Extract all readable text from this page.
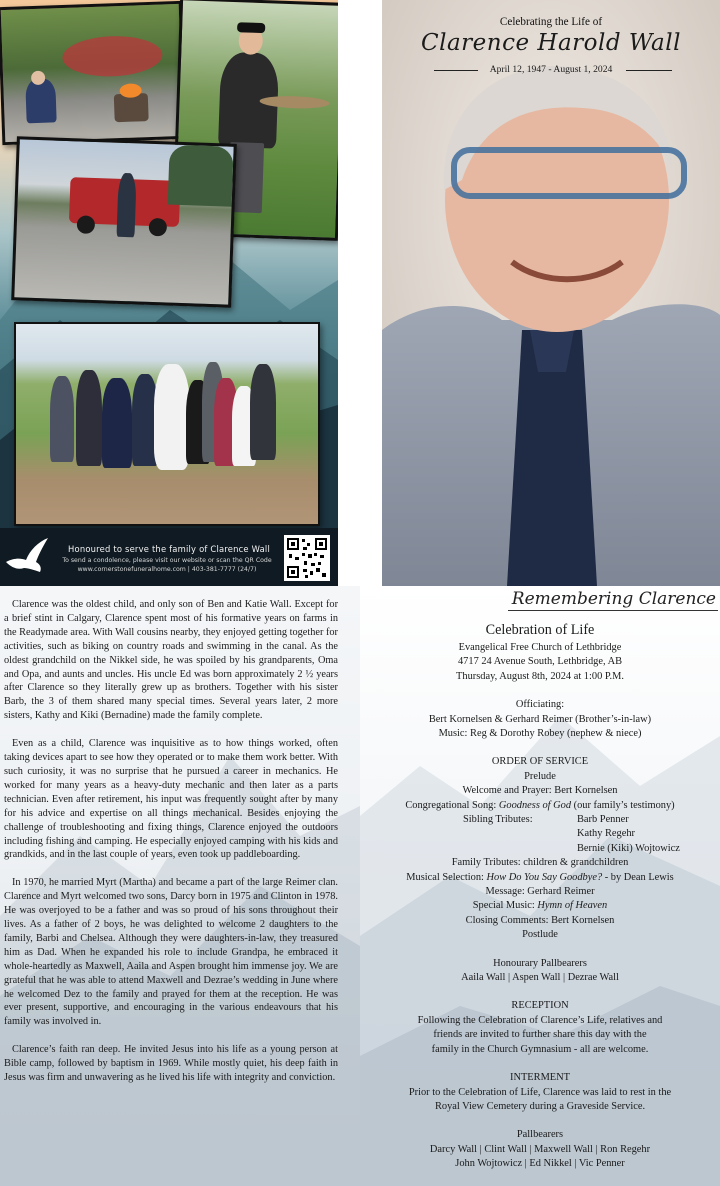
Honoured to serve the family of Clarence Wall
To send a condolence, please visit our website or scan the QR Code
www.cornerstonefuneralhome.com | 403-381-7777 (24/7)
Celebrating the Life of
Clarence Harold Wall
April 12, 1947 - August 1, 2024

Clarence was the oldest child, and only son of Ben and Katie Wall. Except for a brief stint in Calgary, Clarence spent most of his formative years on farms in the Readymade area. With Wall cousins nearby, they enjoyed getting together for activities, such as biking on country roads and swimming in the canal. As the oldest grandchild on the Nikkel side, he was spoiled by his grandparents, Oma and Opa, and aunts and uncles. His uncle Ed was born approximately 2 ½ years after Clarence so they literally grew up as brothers. Together with his sister Barb, the 3 of them shared many special times. Several years later, 2 more sisters, Kathy and Kiki (Bernadine) made the family complete.

Even as a child, Clarence was inquisitive as to how things worked, often taking devices apart to see how they operated or to make them work better. With such curiosity, it was no surprise that he pursued a career in mechanics. He worked for many years as a heavy-duty mechanic and then later as a parts technician. Even after retirement, his input was frequently sought after by many for his advice and expertise on all things mechanical. Besides enjoying the challenge of troubleshooting and fixing things, Clarence enjoyed the outdoors including fishing and camping. He especially enjoyed camping with his kids and grandkids, and in the last couple of years, even took up paddleboarding.

In 1970, he married Myrt (Martha) and became a part of the large Reimer clan. Clarence and Myrt welcomed two sons, Darcy born in 1975 and Clinton in 1978. He was overjoyed to be a father and was so proud of his sons throughout their lives. As a father of 2 boys, he was delighted to welcome 2 daughters to the family, Barbi and Chelsea. Although they were daughters-in-law, they treasured him as Dad. When he expanded his role to include Grandpa, he embraced it whole-heartedly as Maxwell, Aaila and Aspen brought him immense joy. We are grateful that he was able to attend Maxwell and Dezrae’s wedding in June where he welcomed Dez to the family and prayed for them at the reception. He was ever present, supportive, and encouraging in the various endeavours that his family was involved in.

Clarence’s faith ran deep. He invited Jesus into his life as a young person at Bible camp, followed by baptism in 1969. While mostly quiet, his deep faith in Jesus was firm and unwavering as he lived his life with integrity and conviction.

Remembering Clarence
Celebration of Life
Evangelical Free Church of Lethbridge
4717 24 Avenue South, Lethbridge, AB
Thursday, August 8th, 2024 at 1:00 P.M.
Officiating:
Bert Kornelsen & Gerhard Reimer (Brother’s-in-law)
Music: Reg & Dorothy Robey (nephew & niece)
ORDER OF SERVICE
Prelude
Welcome and Prayer: Bert Kornelsen
Congregational Song: Goodness of God (our family’s testimony)
Sibling Tributes:	Barb Penner
Kathy Regehr
Bernie (Kiki) Wojtowicz
Family Tributes: children & grandchildren
Musical Selection: How Do You Say Goodbye? - by Dean Lewis
Message: Gerhard Reimer
Special Music: Hymn of Heaven
Closing Comments: Bert Kornelsen
Postlude
Honourary Pallbearers
Aaila Wall | Aspen Wall | Dezrae Wall
RECEPTION
Following the Celebration of Clarence’s Life, relatives and
friends are invited to further share this day with the
family in the Church Gymnasium - all are welcome.
INTERMENT
Prior to the Celebration of Life, Clarence was laid to rest in the
Royal View Cemetery during a Graveside Service.
Pallbearers
Darcy Wall | Clint Wall | Maxwell Wall | Ron Regehr
John Wojtowicz | Ed Nikkel | Vic Penner
